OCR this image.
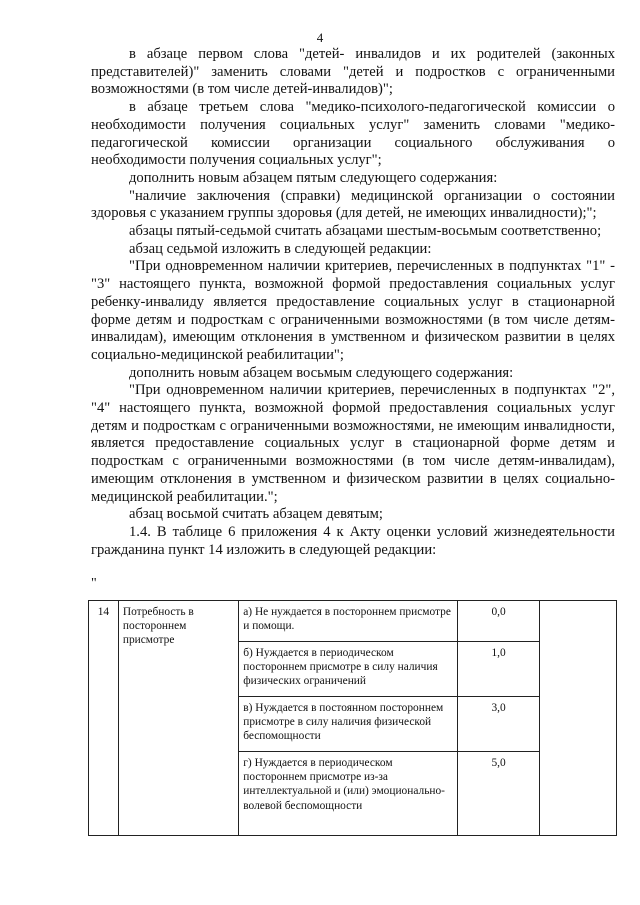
4

в абзаце первом слова "детей- инвалидов и их родителей (законных представителей)" заменить словами "детей и подростков с ограниченными возможностями (в том числе детей-инвалидов)";

в абзаце третьем слова "медико-психолого-педагогической комиссии о необходимости получения социальных услуг" заменить словами "медико-педагогической комиссии организации социального обслуживания о необходимости получения социальных услуг";

дополнить новым абзацем пятым следующего содержания:

"наличие заключения (справки) медицинской организации о состоянии здоровья с указанием группы здоровья (для детей, не имеющих инвалидности);";

абзацы пятый-седьмой считать абзацами шестым-восьмым соответственно;

абзац седьмой изложить в следующей редакции:

"При одновременном наличии критериев, перечисленных в подпунктах "1" - "3" настоящего пункта, возможной формой предоставления социальных услуг ребенку-инвалиду является предоставление социальных услуг в стационарной форме детям и подросткам с ограниченными возможностями (в том числе детям-инвалидам), имеющим отклонения в умственном и физическом развитии в целях социально-медицинской реабилитации";

дополнить новым абзацем восьмым следующего содержания:

"При одновременном наличии критериев, перечисленных в подпунктах "2", "4" настоящего пункта, возможной формой предоставления социальных услуг детям и подросткам с ограниченными возможностями, не имеющим инвалидности, является предоставление социальных услуг в стационарной форме детям и подросткам с ограниченными возможностями (в том числе детям-инвалидам), имеющим отклонения в умственном и физическом развитии в целях социально-медицинской реабилитации.";

абзац восьмой считать абзацем девятым;

1.4. В таблице 6 приложения 4 к Акту оценки условий жизнедеятельности гражданина пункт 14 изложить в следующей редакции:

"
14	Потребность в постороннем присмотре	а) Не нуждается в постороннем присмотре и помощи.	0,0	
		б) Нуждается в периодическом постороннем присмотре в силу наличия физических ограничений	1,0	
		в) Нуждается в постоянном постороннем присмотре в силу наличия физической беспомощности	3,0	
		г) Нуждается в периодическом постороннем присмотре из-за интеллектуальной и (или) эмоционально-волевой беспомощности	5,0	
